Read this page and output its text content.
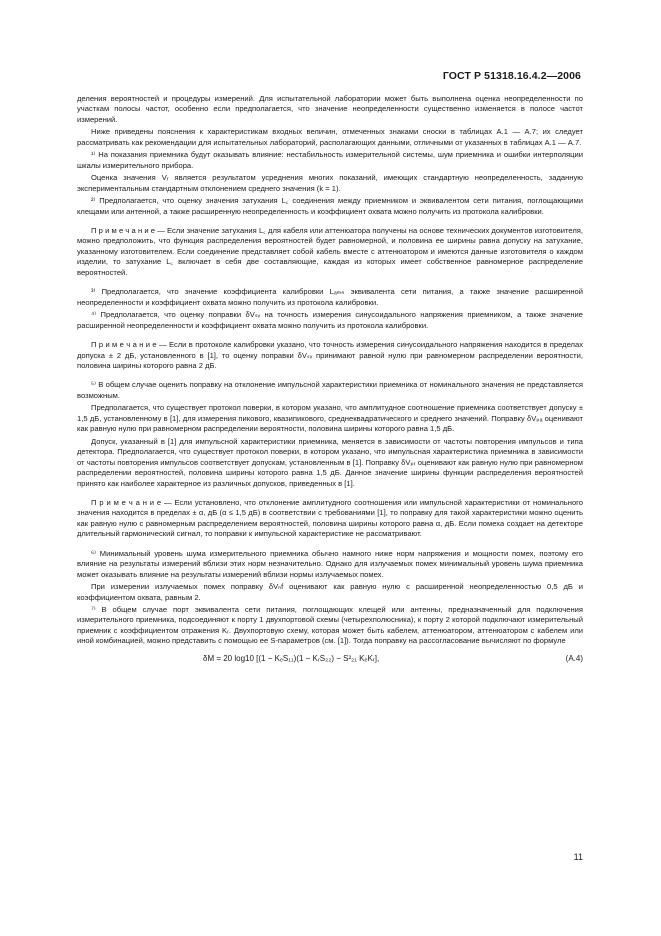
ГОСТ Р 51318.16.4.2—2006

деления вероятностей и процедуры измерений. Для испытательной лаборатории может быть выполнена оценка неопределенности по участкам полосы частот, особенно если предполагается, что значение неопределенности существенно изменяется в полосе частот измерений.

Ниже приведены пояснения к характеристикам входных величин, отмеченных знаками сноски в таблицах А.1 — А.7; их следует рассматривать как рекомендации для испытательных лабораторий, располагающих данными, отличными от указанных в таблицах А.1 — А.7.

¹⁾ На показания приемника будут оказывать влияние: нестабильность измерительной системы, шум приемника и ошибки интерполяции шкалы измерительного прибора.

Оценка значения Vᵣ является результатом усреднения многих показаний, имеющих стандартную неопределенность, заданную экспериментальным стандартным отклонением среднего значения (k = 1).

²⁾ Предполагается, что оценку значения затухания L꜀ соединения между приемником и эквивалентом сети питания, поглощающими клещами или антенной, а также расширенную неопределенность и коэффициент охвата можно получить из протокола калибровки.

П р и м е ч а н и е — Если значение затухания L꜀ для кабеля или аттенюатора получены на основе технических документов изготовителя, можно предположить, что функция распределения вероятностей будет равномерной, и половина ее ширины равна допуску на затухание, указанному изготовителем. Если соединение представляет собой кабель вместе с аттенюатором и имеются данные изготовителя о каждом изделии, то затухание L꜀ включает в себя две составляющие, каждая из которых имеет собственное равномерное распределение вероятностей.

³⁾ Предполагается, что значение коэффициента калибровки Lₐₘₙ эквивалента сети питания, а также значение расширенной неопределенности и коэффициент охвата можно получить из протокола калибровки.

⁴⁾ Предполагается, что оценку поправки δVₛᵥ на точность измерения синусоидального напряжения приемником, а также значение расширенной неопределенности и коэффициент охвата можно получить из протокола калибровки.

П р и м е ч а н и е — Если в протоколе калибровки указано, что точность измерения синусоидального напряжения находится в пределах допуска ± 2 дБ, установленного в [1], то оценку поправки δVₛᵥ принимают равной нулю при равномерном распределении вероятности, половина ширины которого равна 2 дБ.

⁵⁾ В общем случае оценить поправку на отклонение импульсной характеристики приемника от номинального значения не представляется возможным.

Предполагается, что существует протокол поверки, в котором указано, что амплитудное соотношение приемника соответствует допуску ± 1,5 дБ, установленному в [1], для измерения пикового, квазипикового, среднеквадратического и среднего значений. Поправку δVₚₐ оценивают как равную нулю при равномерном распределении вероятности, половина ширины которого равна 1,5 дБ.

Допуск, указанный в [1] для импульсной характеристики приемника, меняется в зависимости от частоты повторения импульсов и типа детектора. Предполагается, что существует протокол поверки, в котором указано, что импульсная характеристика приемника в зависимости от частоты повторения импульсов соответствует допускам, установленным в [1]. Поправку δVₚᵣ оценивают как равную нулю при равномерном распределении вероятностей, половина ширины которого равна 1,5 дБ. Данное значение ширины функции распределения вероятностей принято как наиболее характерное из различных допусков, приведенных в [1].

П р и м е ч а н и е — Если установлено, что отклонение амплитудного соотношения или импульсной характеристики от номинального значения находится в пределах ± α, дБ (α ≤ 1,5 дБ) в соответствии с требованиями [1], то поправку для такой характеристики можно оценить как равную нулю с равномерным распределением вероятностей, половина ширины которого равна α, дБ. Если помеха создает на детекторе длительный гармонический сигнал, то поправки к импульсной характеристике не рассматривают.

⁶⁾ Минимальный уровень шума измерительного приемника обычно намного ниже норм напряжения и мощности помех, поэтому его влияние на результаты измерений вблизи этих норм незначительно. Однако для излучаемых помех минимальный уровень шума приемника может оказывать влияние на результаты измерений вблизи нормы излучаемых помех.

При измерении излучаемых помех поправку δVₙf оценивают как равную нулю с расширенной неопределенностью 0,5 дБ и коэффициентом охвата, равным 2.

⁷⁾ В общем случае порт эквивалента сети питания, поглощающих клещей или антенны, предназначенный для подключения измерительного приемника, подсоединяют к порту 1 двухпортовой схемы (четырехполюсника), к порту 2 которой подключают измерительный приемник с коэффициентом отражения Kᵣ. Двухпортовую схему, которая может быть кабелем, аттенюатором, аттенюатором с кабелем или иной комбинацией, можно представить с помощью ее S-параметров (см. [1]). Тогда поправку на рассогласование вычисляют по формуле

δM = 20 log10 [(1 − KₑS₁₁)(1 − KᵣS₂₂) − S²₂₁ KₑKᵣ],	(А.4)
11
